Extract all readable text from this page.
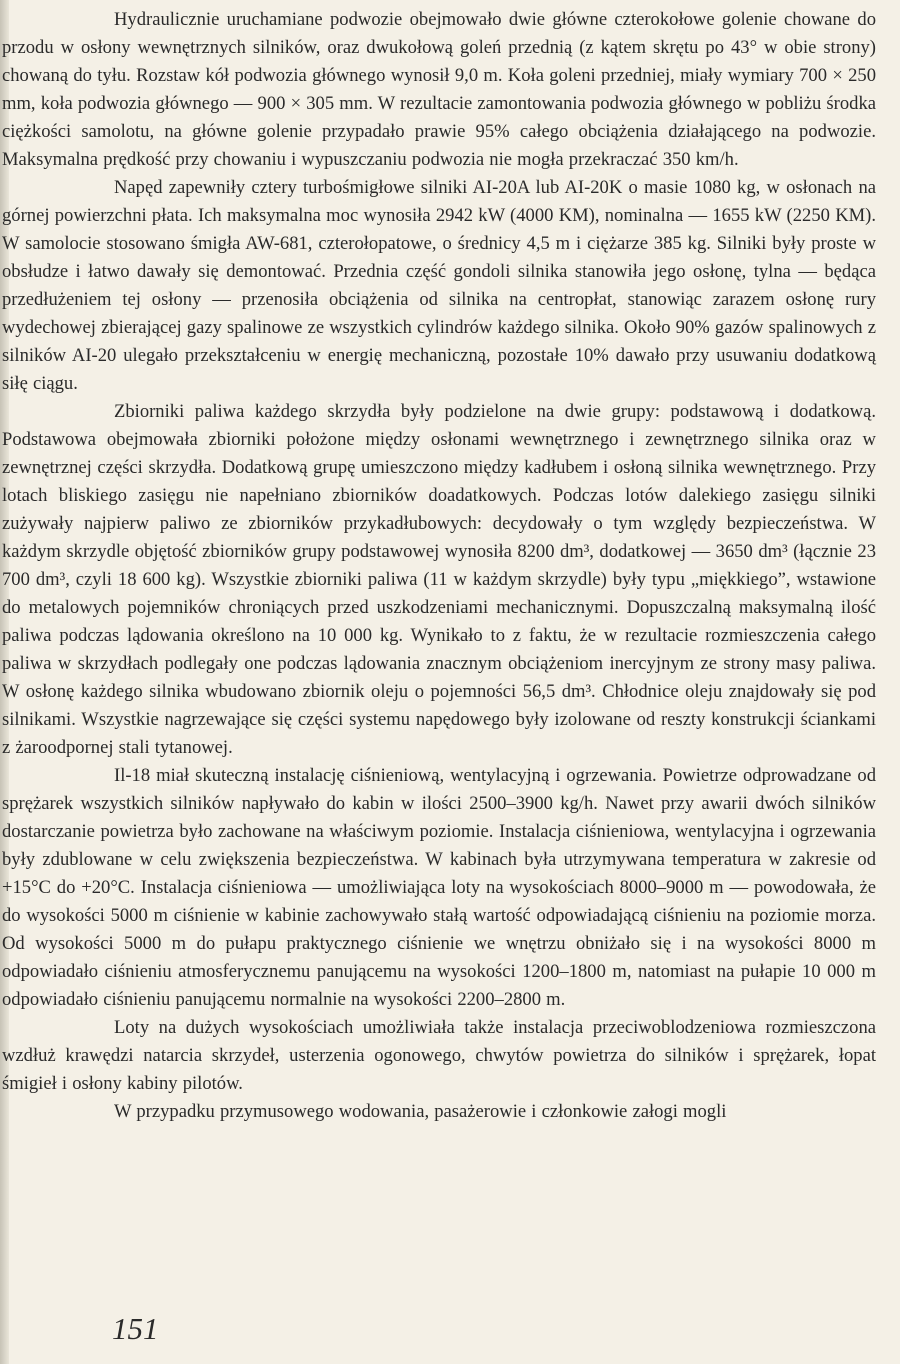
Hydraulicznie uruchamiane podwozie obejmowało dwie główne czterokołowe golenie chowane do przodu w osłony wewnętrznych silników, oraz dwukołową goleń przednią (z kątem skrętu po 43° w obie strony) chowaną do tyłu. Rozstaw kół podwozia głównego wynosił 9,0 m. Koła goleni przedniej, miały wymiary 700 × 250 mm, koła podwozia głównego — 900 × 305 mm. W rezultacie zamontowania podwozia głównego w pobliżu środka ciężkości samolotu, na główne golenie przypadało prawie 95% całego obciążenia działającego na podwozie. Maksymalna prędkość przy chowaniu i wypuszczaniu podwozia nie mogła przekraczać 350 km/h.

Napęd zapewniły cztery turbośmigłowe silniki AI-20A lub AI-20K o masie 1080 kg, w osłonach na górnej powierzchni płata. Ich maksymalna moc wynosiła 2942 kW (4000 KM), nominalna — 1655 kW (2250 KM). W samolocie stosowano śmigła AW-681, czterołopatowe, o średnicy 4,5 m i ciężarze 385 kg. Silniki były proste w obsłudze i łatwo dawały się demontować. Przednia część gondoli silnika stanowiła jego osłonę, tylna — będąca przedłużeniem tej osłony — przenosiła obciążenia od silnika na centropłat, stanowiąc zarazem osłonę rury wydechowej zbierającej gazy spalinowe ze wszystkich cylindrów każdego silnika. Około 90% gazów spalinowych z silników AI-20 ulegało przekształceniu w energię mechaniczną, pozostałe 10% dawało przy usuwaniu dodatkową siłę ciągu.

Zbiorniki paliwa każdego skrzydła były podzielone na dwie grupy: podstawową i dodatkową. Podstawowa obejmowała zbiorniki położone między osłonami wewnętrznego i zewnętrznego silnika oraz w zewnętrznej części skrzydła. Dodatkową grupę umieszczono między kadłubem i osłoną silnika wewnętrznego. Przy lotach bliskiego zasięgu nie napełniano zbiorników doadatkowych. Podczas lotów dalekiego zasięgu silniki zużywały najpierw paliwo ze zbiorników przykadłubowych: decydowały o tym względy bezpieczeństwa. W każdym skrzydle objętość zbiorników grupy podstawowej wynosiła 8200 dm³, dodatkowej — 3650 dm³ (łącznie 23 700 dm³, czyli 18 600 kg). Wszystkie zbiorniki paliwa (11 w każdym skrzydle) były typu „miękkiego”, wstawione do metalowych pojemników chroniących przed uszkodzeniami mechanicznymi. Dopuszczalną maksymalną ilość paliwa podczas lądowania określono na 10 000 kg. Wynikało to z faktu, że w rezultacie rozmieszczenia całego paliwa w skrzydłach podlegały one podczas lądowania znacznym obciążeniom inercyjnym ze strony masy paliwa. W osłonę każdego silnika wbudowano zbiornik oleju o pojemności 56,5 dm³. Chłodnice oleju znajdowały się pod silnikami. Wszystkie nagrzewające się części systemu napędowego były izolowane od reszty konstrukcji ściankami z żaroodpornej stali tytanowej.

Il-18 miał skuteczną instalację ciśnieniową, wentylacyjną i ogrzewania. Powietrze odprowadzane od sprężarek wszystkich silników napływało do kabin w ilości 2500–3900 kg/h. Nawet przy awarii dwóch silników dostarczanie powietrza było zachowane na właściwym poziomie. Instalacja ciśnieniowa, wentylacyjna i ogrzewania były zdublowane w celu zwiększenia bezpieczeństwa. W kabinach była utrzymywana temperatura w zakresie od +15°C do +20°C. Instalacja ciśnieniowa — umożliwiająca loty na wysokościach 8000–9000 m — powodowała, że do wysokości 5000 m ciśnienie w kabinie zachowywało stałą wartość odpowiadającą ciśnieniu na poziomie morza. Od wysokości 5000 m do pułapu praktycznego ciśnienie we wnętrzu obniżało się i na wysokości 8000 m odpowiadało ciśnieniu atmosferycznemu panującemu na wysokości 1200–1800 m, natomiast na pułapie 10 000 m odpowiadało ciśnieniu panującemu normalnie na wysokości 2200–2800 m.

Loty na dużych wysokościach umożliwiała także instalacja przeciwoblodzeniowa rozmieszczona wzdłuż krawędzi natarcia skrzydeł, usterzenia ogonowego, chwytów powietrza do silników i sprężarek, łopat śmigieł i osłony kabiny pilotów.

W przypadku przymusowego wodowania, pasażerowie i członkowie załogi mogli

151
